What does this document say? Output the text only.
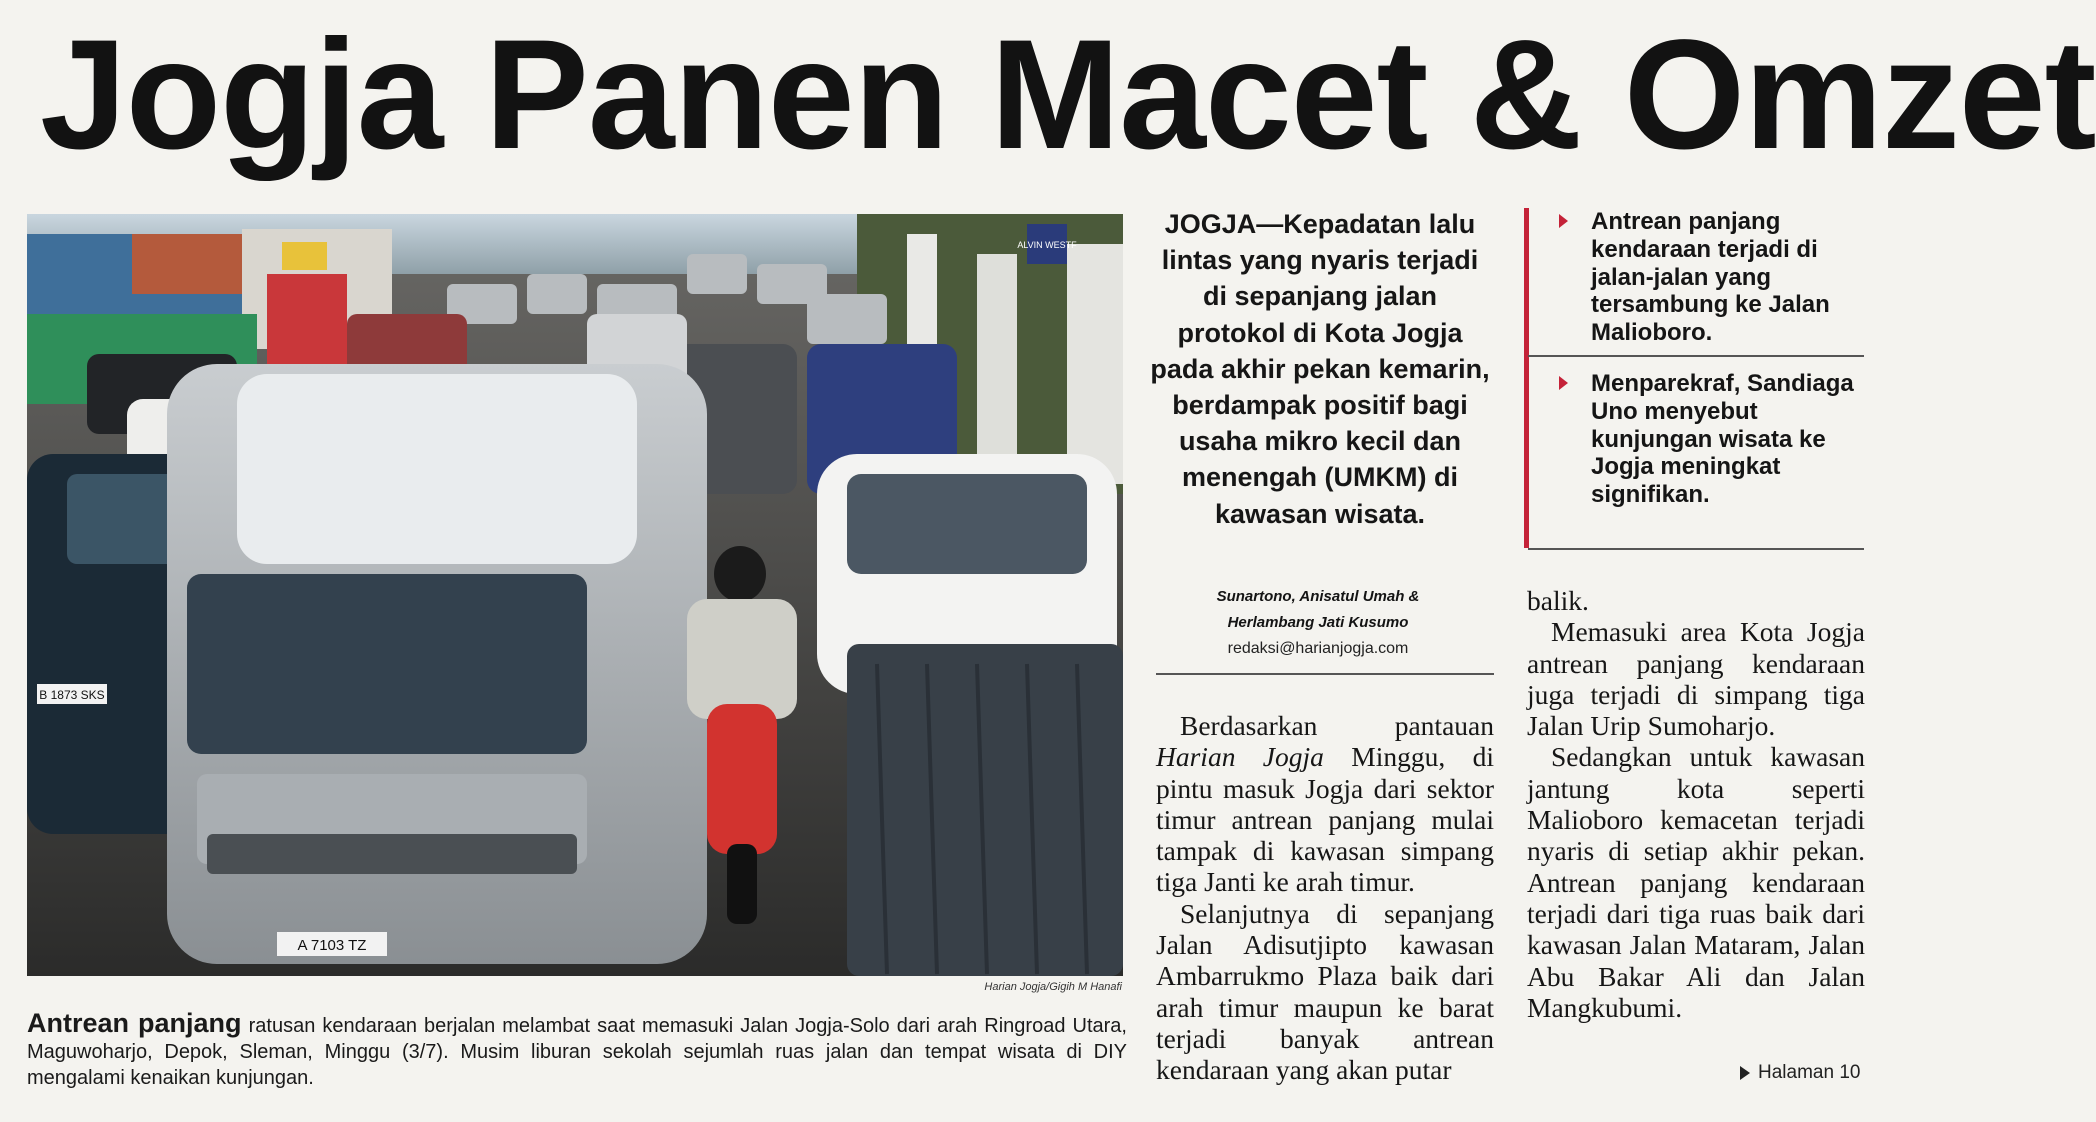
Jogja Panen Macet & Omzet
ALVIN WESTF
B 1873 SKS
A 7103 TZ
Harian Jogja/Gigih M Hanafi
Antrean panjang ratusan kendaraan berjalan melambat saat memasuki Jalan Jogja-Solo dari arah Ringroad Utara, Maguwoharjo, Depok, Sleman, Minggu (3/7). Musim liburan sekolah sejumlah ruas jalan dan tempat wisata di DIY mengalami kenaikan kunjungan.
JOGJA—Kepadatan lalu lintas yang nyaris terjadi di sepanjang jalan protokol di Kota Jogja pada akhir pekan kemarin, berdampak positif bagi usaha mikro kecil dan menengah (UMKM) di kawasan wisata.
Sunartono, Anisatul Umah &
Herlambang Jati Kusumo
redaksi@harianjogja.com
Antrean panjang kendaraan terjadi di jalan-jalan yang tersambung ke Jalan Malioboro.
Menparekraf, Sandiaga Uno menyebut kunjungan wisata ke Jogja meningkat signifikan.

Berdasarkan pantauan Harian Jogja Minggu, di pintu masuk Jogja dari sektor timur antrean panjang mulai tampak di kawasan simpang tiga Janti ke arah timur.

Selanjutnya di sepanjang Jalan Adisutjipto kawasan Ambarrukmo Plaza baik dari arah timur maupun ke barat terjadi banyak antrean kendaraan yang akan putar

balik.

Memasuki area Kota Jogja antrean panjang kendaraan juga terjadi di simpang tiga Jalan Urip Sumoharjo.

Sedangkan untuk kawasan jantung kota seperti Malioboro kemacetan terjadi nyaris di setiap akhir pekan. Antrean panjang kendaraan terjadi dari tiga ruas baik dari kawasan Jalan Mataram, Jalan Abu Bakar Ali dan Jalan Mangkubumi.

Halaman 10
